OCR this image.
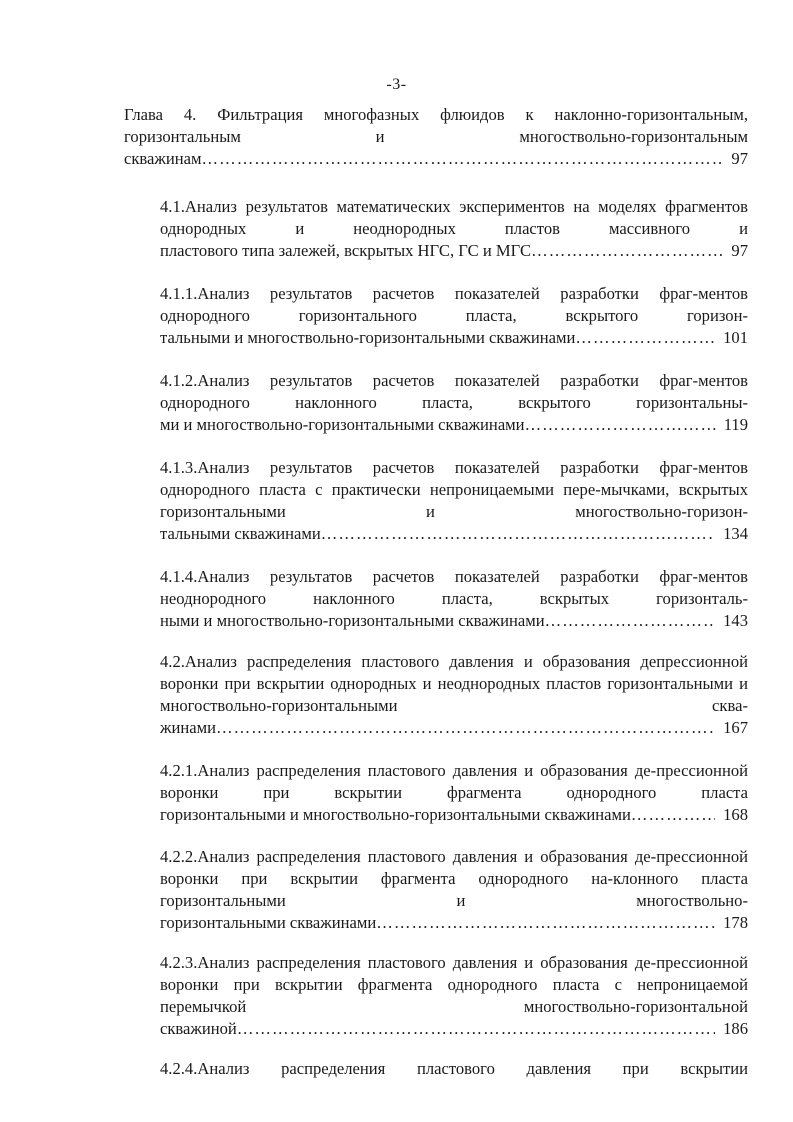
-3-
Глава 4. Фильтрация многофазных флюидов к наклонно-горизонтальным, горизонтальным и многоствольно-горизонтальным
скважинам …………………………………………………………………………………………………………………………………………………………………………	97
4.1.Анализ результатов математических экспериментов на моделях фрагментов однородных и неоднородных пластов массивного и
пластового типа залежей, вскрытых НГС, ГС и МГС …………………………………………………………………………………………………………………………………………………………………………	97
4.1.1.Анализ результатов расчетов показателей разработки фраг-ментов однородного горизонтального пласта, вскрытого горизон-
тальными и многоствольно-горизонтальными скважинами …………………………………………………………………………………………………………………………………………………………………………	101
4.1.2.Анализ результатов расчетов показателей разработки фраг-ментов однородного наклонного пласта, вскрытого горизонтальны-
ми и многоствольно-горизонтальными скважинами …………………………………………………………………………………………………………………………………………………………………………	119
4.1.3.Анализ результатов расчетов показателей разработки фраг-ментов однородного пласта с практически непроницаемыми пере-мычками, вскрытых горизонтальными и многоствольно-горизон-
тальными скважинами …………………………………………………………………………………………………………………………………………………………………………	134
4.1.4.Анализ результатов расчетов показателей разработки фраг-ментов неоднородного наклонного пласта, вскрытых горизонталь-
ными и многоствольно-горизонтальными скважинами …………………………………………………………………………………………………………………………………………………………………………	143
4.2.Анализ распределения пластового давления и образования депрессионной воронки при вскрытии однородных и неоднородных пластов горизонтальными и многоствольно-горизонтальными сква-
жинами …………………………………………………………………………………………………………………………………………………………………………	167
4.2.1.Анализ распределения пластового давления и образования де-прессионной воронки при вскрытии фрагмента однородного пласта
горизонтальными и многоствольно-горизонтальными скважинами …………………………………………………………………………………………………………………………………………………………………………	168
4.2.2.Анализ распределения пластового давления и образования де-прессионной воронки при вскрытии фрагмента однородного на-клонного пласта горизонтальными и многоствольно-
горизонтальными скважинами …………………………………………………………………………………………………………………………………………………………………………	178
4.2.3.Анализ распределения пластового давления и образования де-прессионной воронки при вскрытии фрагмента однородного пласта с непроницаемой перемычкой многоствольно-горизонтальной
скважиной …………………………………………………………………………………………………………………………………………………………………………	186
4.2.4.Анализ распределения пластового давления при вскрытии
